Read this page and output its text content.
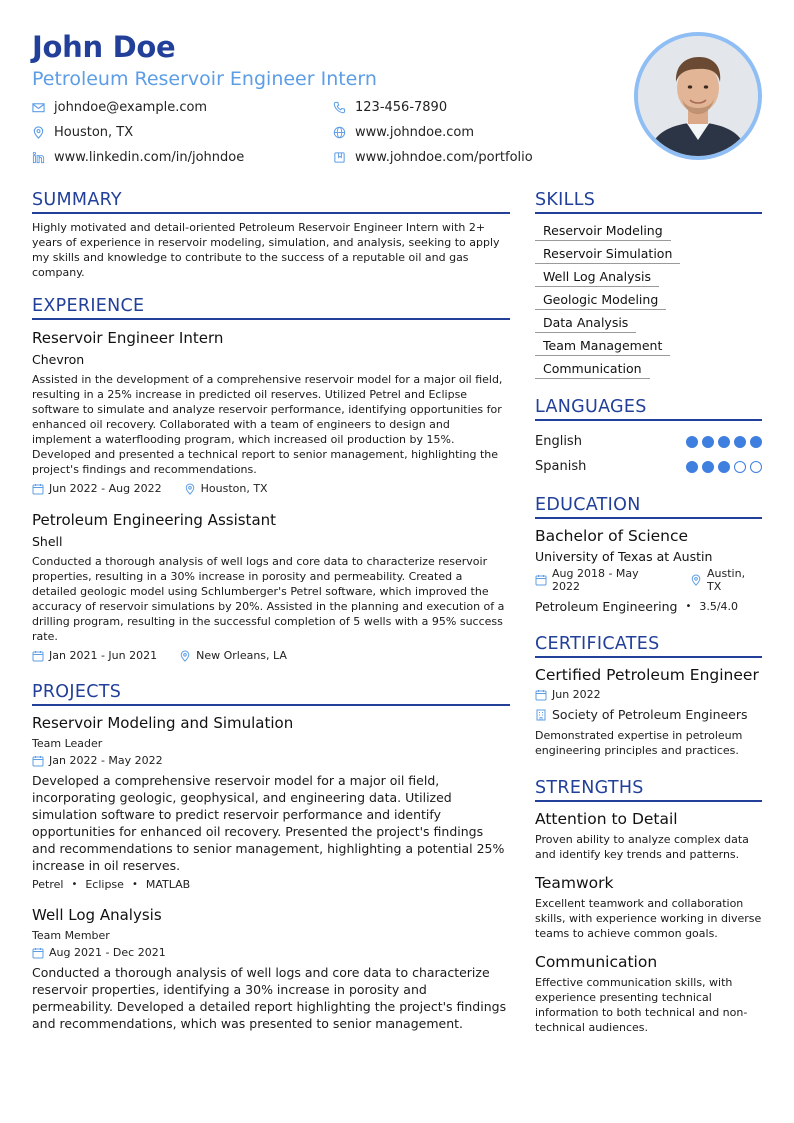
John Doe
Petroleum Reservoir Engineer Intern
johndoe@example.com	123-456-7890
Houston, TX	www.johndoe.com
www.linkedin.com/in/johndoe	www.johndoe.com/portfolio
SUMMARY
Highly motivated and detail-oriented Petroleum Reservoir Engineer Intern with 2+ years of experience in reservoir modeling, simulation, and analysis, seeking to apply my skills and knowledge to contribute to the success of a reputable oil and gas company.
EXPERIENCE
Reservoir Engineer Intern
Chevron
Assisted in the development of a comprehensive reservoir model for a major oil field, resulting in a 25% increase in predicted oil reserves. Utilized Petrel and Eclipse software to simulate and analyze reservoir performance, identifying opportunities for enhanced oil recovery. Collaborated with a team of engineers to design and implement a waterflooding program, which increased oil production by 15%. Developed and presented a technical report to senior management, highlighting the project's findings and recommendations.
Jun 2022 - Aug 2022	Houston, TX
Petroleum Engineering Assistant
Shell
Conducted a thorough analysis of well logs and core data to characterize reservoir properties, resulting in a 30% increase in porosity and permeability. Created a detailed geologic model using Schlumberger's Petrel software, which improved the accuracy of reservoir simulations by 20%. Assisted in the planning and execution of a drilling program, resulting in the successful completion of 5 wells with a 95% success rate.
Jan 2021 - Jun 2021	New Orleans, LA
PROJECTS
Reservoir Modeling and Simulation
Team Leader
Jan 2022 - May 2022
Developed a comprehensive reservoir model for a major oil field, incorporating geologic, geophysical, and engineering data. Utilized simulation software to predict reservoir performance and identify opportunities for enhanced oil recovery. Presented the project's findings and recommendations to senior management, highlighting a potential 25% increase in oil reserves.
Petrel • Eclipse • MATLAB
Well Log Analysis
Team Member
Aug 2021 - Dec 2021
Conducted a thorough analysis of well logs and core data to characterize reservoir properties, identifying a 30% increase in porosity and permeability. Developed a detailed report highlighting the project's findings and recommendations, which was presented to senior management.
SKILLS
Reservoir Modeling
Reservoir Simulation
Well Log Analysis
Geologic Modeling
Data Analysis
Team Management
Communication
LANGUAGES
English
Spanish
EDUCATION
Bachelor of Science
University of Texas at Austin
Aug 2018 - May 2022
Austin, TX
Petroleum Engineering • 3.5/4.0
CERTIFICATES
Certified Petroleum Engineer
Jun 2022
Society of Petroleum Engineers
Demonstrated expertise in petroleum engineering principles and practices.
STRENGTHS
Attention to Detail
Proven ability to analyze complex data and identify key trends and patterns.
Teamwork
Excellent teamwork and collaboration skills, with experience working in diverse teams to achieve common goals.
Communication
Effective communication skills, with experience presenting technical information to both technical and non-technical audiences.
